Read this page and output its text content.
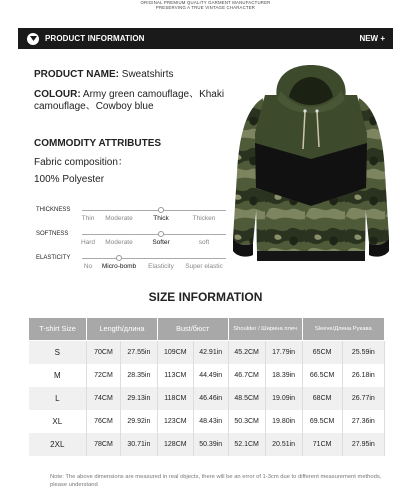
ORIGINAL PREMIUM QUALITY GARMENT MANUFACTURER
PRESERVING A TRUE VINTAGE CHARACTER
PRODUCT INFORMATION	NEW +
PRODUCT NAME: Sweatshirts
COLOUR: Army green camouflage、Khaki camouflage、Cowboy blue
COMMODITY ATTRIBUTES
Fabric composition：
100% Polyester
THICKNESS
Thin Moderate	Thick	Thicken
SOFTNESS
Hard Moderate	Softer	soft
ELASTICITY
No Micro-bomb Elasticity Super elastic
SIZE INFORMATION
T-shirt Size	Length/длина		Bust/бюст		Shoulder / Ширина плеч		Sleeve/Длина Рукава	
S	70CM	27.55in	109CM	42.91in	45.2CM	17.79in	65CM	25.59in
M	72CM	28.35in	113CM	44.49in	46.7CM	18.39in	66.5CM	26.18in
L	74CM	29.13in	118CM	46.46in	48.5CM	19.09in	68CM	26.77in
XL	76CM	29.92in	123CM	48.43in	50.3CM	19.80in	69.5CM	27.36in
2XL	78CM	30.71in	128CM	50.39in	52.1CM	20.51in	71CM	27.95in
Note: The above dimensions are measured in real objects, there will be an error of 1-3cm due to different measurement methods, please understand
